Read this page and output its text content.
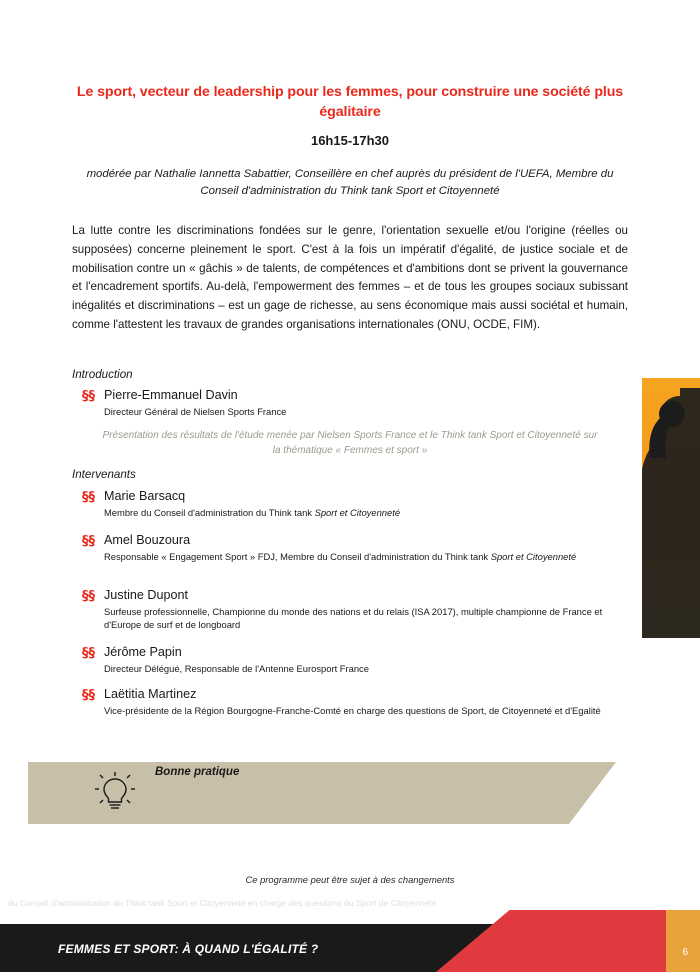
Le sport, vecteur de leadership pour les femmes, pour construire une société plus égalitaire
16h15-17h30
modérée par Nathalie Iannetta Sabattier, Conseillère en chef auprès du président de l'UEFA, Membre du Conseil d'administration du Think tank Sport et Citoyenneté
La lutte contre les discriminations fondées sur le genre, l'orientation sexuelle et/ou l'origine (réelles ou supposées) concerne pleinement le sport. C'est à la fois un impératif d'égalité, de justice sociale et de mobilisation contre un « gâchis » de talents, de compétences et d'ambitions dont se privent la gouvernance et l'encadrement sportifs. Au-delà, l'empowerment des femmes – et de tous les groupes sociaux subissant inégalités et discriminations – est un gage de richesse, au sens économique mais aussi sociétal et humain, comme l'attestent les travaux de grandes organisations internationales (ONU, OCDE, FIM).
Introduction
§§ Pierre-Emmanuel Davin
Directeur Général de Nielsen Sports France
Présentation des résultats de l'étude menée par Nielsen Sports France et le Think tank Sport et Citoyenneté sur la thématique « Femmes et sport »
Intervenants
§§ Marie Barsacq
Membre du Conseil d'administration du Think tank Sport et Citoyenneté
§§ Amel Bouzoura
Responsable « Engagement Sport » FDJ, Membre du Conseil d'administration du Think tank Sport et Citoyenneté
§§ Justine Dupont
Surfeuse professionnelle, Championne du monde des nations et du relais (ISA 2017), multiple championne de France et d'Europe de surf et de longboard
§§ Jérôme Papin
Directeur Délégué, Responsable de l'Antenne Eurosport France
§§ Laëtitia Martinez
Vice-présidente de la Région Bourgogne-Franche-Comté en charge des questions de Sport, de Citoyenneté et d'Egalité
Bonne pratique
Ce programme peut être sujet à des changements
du Conseil d'administration du Think tank Sport et Citoyenneté en charge des questions du Sport de Citoyenneté
FEMMES ET SPORT: À QUAND L'ÉGALITÉ ?	6
